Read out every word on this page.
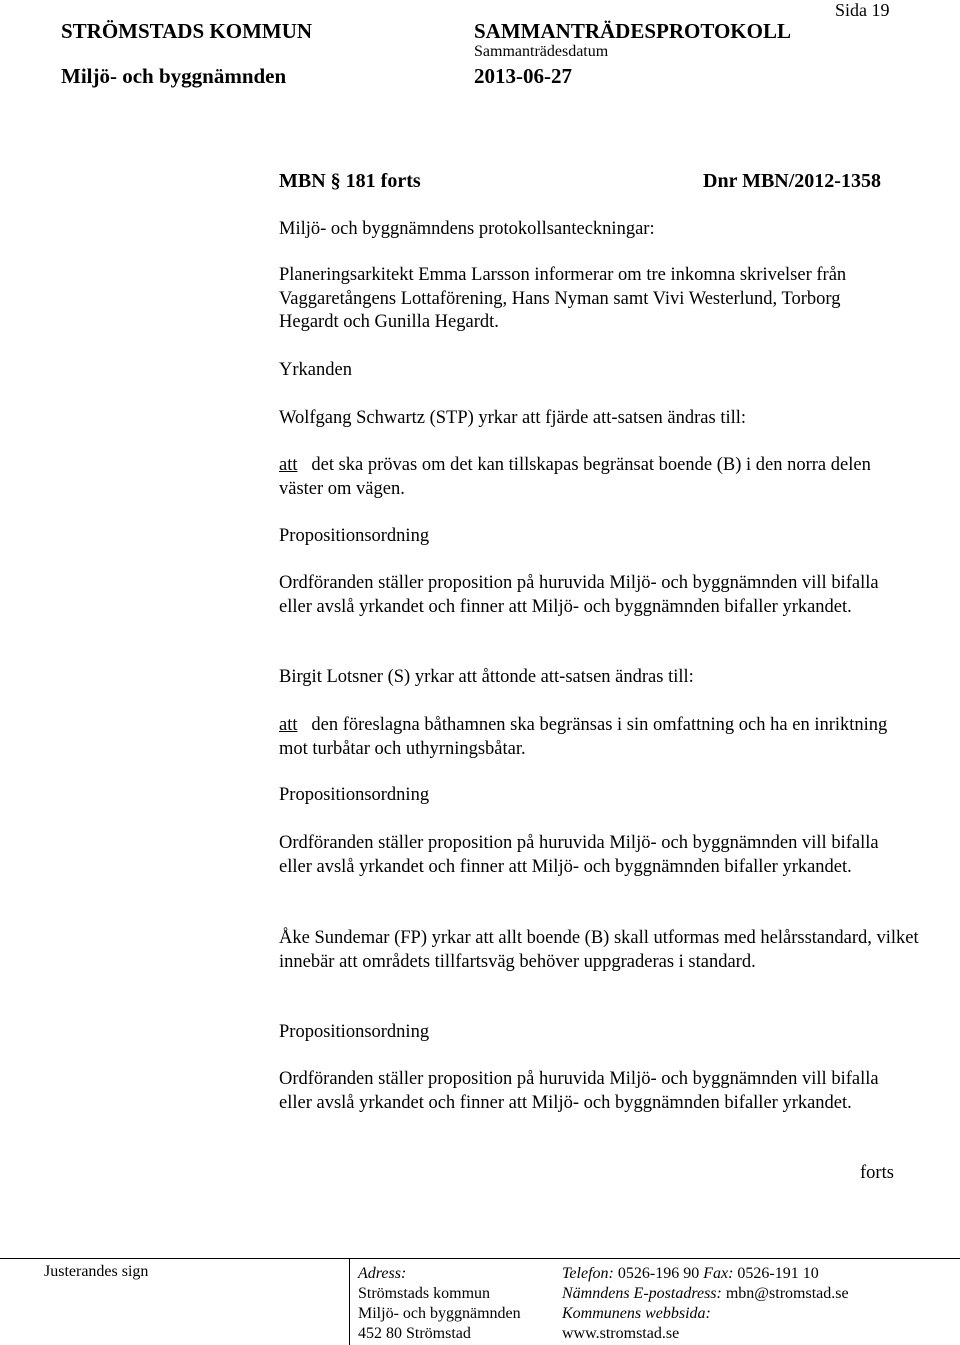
STRÖMSTADS KOMMUN	SAMMANTRÄDESPROTOKOLL
Sida 19
Sammanträdesdatum
Miljö- och byggnämnden	2013-06-27
MBN § 181 forts	Dnr MBN/2012-1358
Miljö- och byggnämndens protokollsanteckningar:
Planeringsarkitekt Emma Larsson informerar om tre inkomna skrivelser från Vaggaretångens Lottaförening, Hans Nyman samt Vivi Westerlund, Torborg Hegardt och Gunilla Hegardt.
Yrkanden
Wolfgang Schwartz (STP) yrkar att fjärde att-satsen ändras till:
att det ska prövas om det kan tillskapas begränsat boende (B) i den norra delen väster om vägen.
Propositionsordning
Ordföranden ställer proposition på huruvida Miljö- och byggnämnden vill bifalla eller avslå yrkandet och finner att Miljö- och byggnämnden bifaller yrkandet.
Birgit Lotsner (S) yrkar att åttonde att-satsen ändras till:
att den föreslagna båthamnen ska begränsas i sin omfattning och ha en inriktning mot turbåtar och uthyrningsbåtar.
Propositionsordning
Ordföranden ställer proposition på huruvida Miljö- och byggnämnden vill bifalla eller avslå yrkandet och finner att Miljö- och byggnämnden bifaller yrkandet.
Åke Sundemar (FP) yrkar att allt boende (B) skall utformas med helårsstandard, vilket innebär att områdets tillfartsväg behöver uppgraderas i standard.
Propositionsordning
Ordföranden ställer proposition på huruvida Miljö- och byggnämnden vill bifalla eller avslå yrkandet och finner att Miljö- och byggnämnden bifaller yrkandet.
forts
Justerandes sign	Adress:
Strömstads kommun
Miljö- och byggnämnden
452 80 Strömstad
Telefon: 0526-196 90 Fax: 0526-191 10
Nämndens E-postadress: mbn@stromstad.se
Kommunens webbsida:
www.stromstad.se
